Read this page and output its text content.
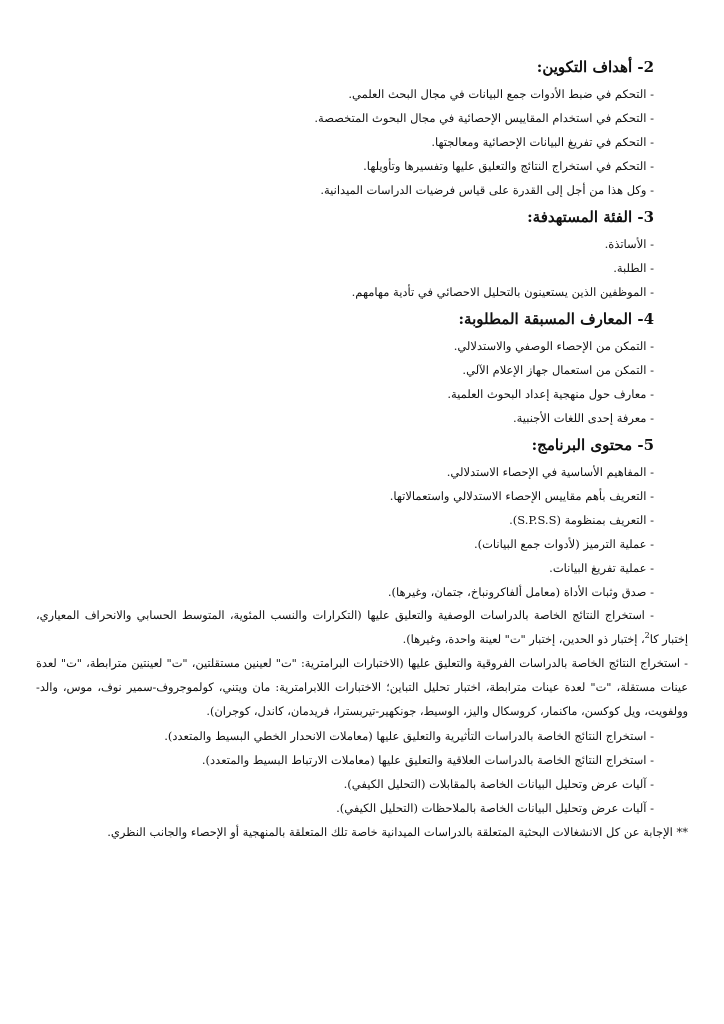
2- أهداف التكوين:

- التحكم في ضبط الأدوات جمع البيانات في مجال البحث العلمي.

- التحكم في استخدام المقاييس الإحصائية في مجال البحوث المتخصصة.

- التحكم في تفريغ البيانات الإحصائية ومعالجتها.

- التحكم في استخراج النتائج والتعليق عليها وتفسيرها وتأويلها.

- وكل هذا من أجل إلى القدرة على قياس فرضيات الدراسات الميدانية.

3- الفئة المستهدفة:

- الأساتذة.

- الطلبة.

- الموظفين الذين يستعينون بالتحليل الاحصائي في تأدية مهامهم.

4- المعارف المسبقة المطلوبة:

- التمكن من الإحصاء الوصفي والاستدلالي.

- التمكن من استعمال جهاز الإعلام الآلي.

- معارف حول منهجية إعداد البحوث العلمية.

- معرفة إحدى اللغات الأجنبية.

5- محتوى البرنامج:

- المفاهيم الأساسية في الإحصاء الاستدلالي.

- التعريف بأهم مقاييس الإحصاء الاستدلالي واستعمالاتها.

- التعريف بمنظومة (S.P.S.S).

- عملية الترميز (لأدوات جمع البيانات).

- عملية تفريغ البيانات.

- صدق وثبات الأداة (معامل ألفاكرونباخ، جتمان، وغيرها).

- استخراج النتائج الخاصة بالدراسات الوصفية والتعليق عليها (التكرارات والنسب المئوية، المتوسط الحسابي والانحراف المعياري، إختبار كا$^2$، إختبار ذو الحدين، إختبار "ت" لعينة واحدة، وغيرها).

- استخراج النتائج الخاصة بالدراسات الفروقية والتعليق عليها (الاختبارات البرامترية: "ت" لعينين مستقلتين، "ت" لعينتين مترابطة، "ت" لعدة عينات مستقلة، "ت" لعدة عينات مترابطة، اختبار تحليل التباين؛ الاختبارات اللابرامترية: مان ويتني، كولموجروف-سمير نوف، موس، والد-وولفويت، ويل كوكسن، ماكنمار، كروسكال واليز، الوسيط، جونكهير-تيربسترا، فريدمان، كاندل، كوجران).

- استخراج النتائج الخاصة بالدراسات التأثيرية والتعليق عليها (معاملات الانحدار الخطي البسيط والمتعدد).

- استخراج النتائج الخاصة بالدراسات العلاقية والتعليق عليها (معاملات الارتباط البسيط والمتعدد).

- آليات عرض وتحليل البيانات الخاصة بالمقابلات (التحليل الكيفي).

- آليات عرض وتحليل البيانات الخاصة بالملاحظات (التحليل الكيفي).

** الإجابة عن كل الانشغالات البحثية المتعلقة بالدراسات الميدانية خاصة تلك المتعلقة بالمنهجية أو الإحصاء والجانب النظري.
